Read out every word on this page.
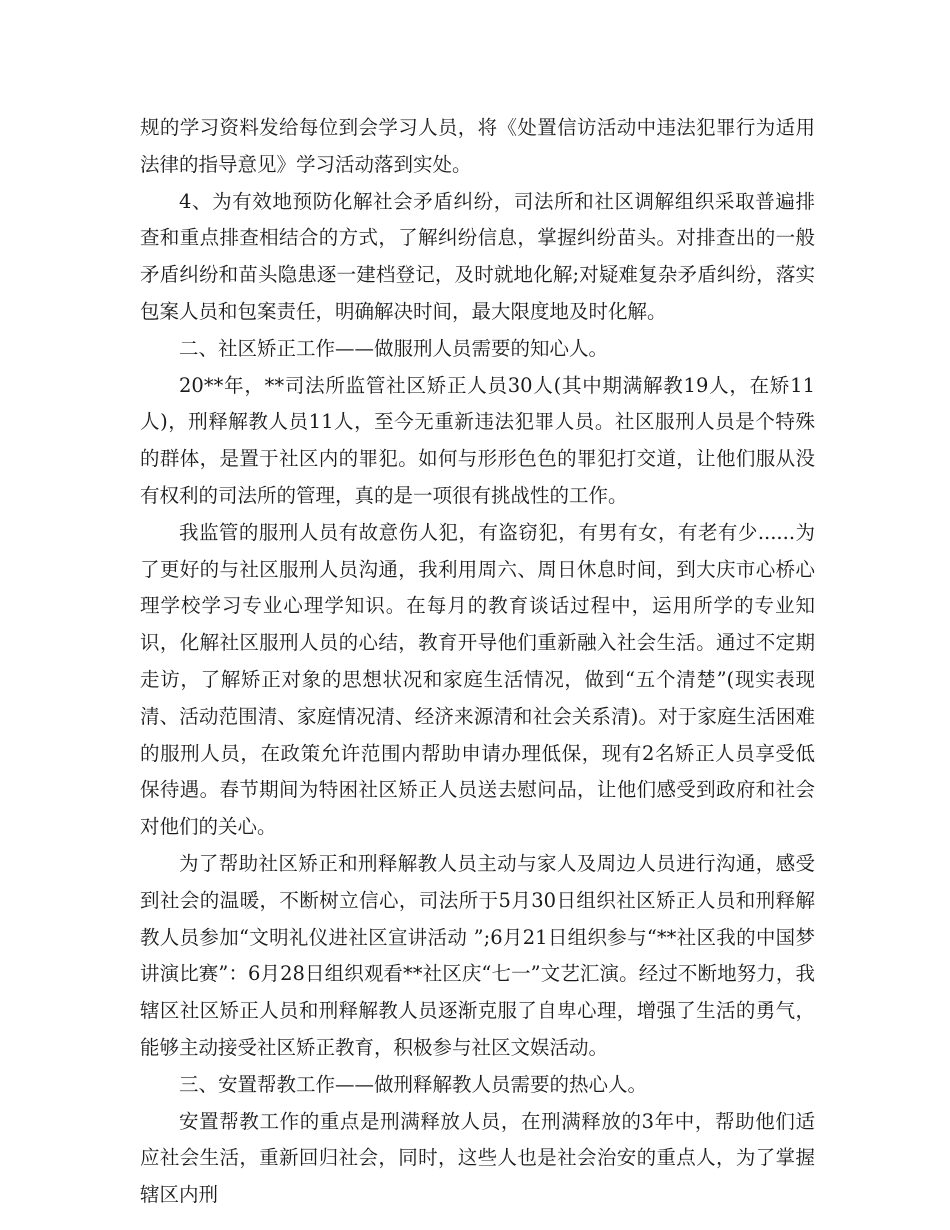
规的学习资料发给每位到会学习人员，将《处置信访活动中违法犯罪行为适用法律的指导意见》学习活动落到实处。

4、为有效地预防化解社会矛盾纠纷，司法所和社区调解组织采取普遍排查和重点排查相结合的方式，了解纠纷信息，掌握纠纷苗头。对排查出的一般矛盾纠纷和苗头隐患逐一建档登记，及时就地化解;对疑难复杂矛盾纠纷，落实包案人员和包案责任，明确解决时间，最大限度地及时化解。

二、社区矫正工作——做服刑人员需要的知心人。

20**年，**司法所监管社区矫正人员30人(其中期满解教19人，在矫11人)，刑释解教人员11人，至今无重新违法犯罪人员。社区服刑人员是个特殊的群体，是置于社区内的罪犯。如何与形形色色的罪犯打交道，让他们服从没有权利的司法所的管理，真的是一项很有挑战性的工作。

我监管的服刑人员有故意伤人犯，有盗窃犯，有男有女，有老有少......为了更好的与社区服刑人员沟通，我利用周六、周日休息时间，到大庆市心桥心理学校学习专业心理学知识。在每月的教育谈话过程中，运用所学的专业知识，化解社区服刑人员的心结，教育开导他们重新融入社会生活。通过不定期走访，了解矫正对象的思想状况和家庭生活情况，做到“五个清楚”(现实表现清、活动范围清、家庭情况清、经济来源清和社会关系清)。对于家庭生活困难的服刑人员，在政策允许范围内帮助申请办理低保，现有2名矫正人员享受低保待遇。春节期间为特困社区矫正人员送去慰问品，让他们感受到政府和社会对他们的关心。

为了帮助社区矫正和刑释解教人员主动与家人及周边人员进行沟通，感受到社会的温暖，不断树立信心，司法所于5月30日组织社区矫正人员和刑释解教人员参加“文明礼仪进社区宣讲活动 ”;6月21日组织参与“**社区我的中国梦讲演比赛”：6月28日组织观看**社区庆“七一”文艺汇演。经过不断地努力，我辖区社区矫正人员和刑释解教人员逐渐克服了自卑心理，增强了生活的勇气，能够主动接受社区矫正教育，积极参与社区文娱活动。

三、安置帮教工作——做刑释解教人员需要的热心人。

安置帮教工作的重点是刑满释放人员，在刑满释放的3年中，帮助他们适应社会生活，重新回归社会，同时，这些人也是社会治安的重点人，为了掌握辖区内刑
